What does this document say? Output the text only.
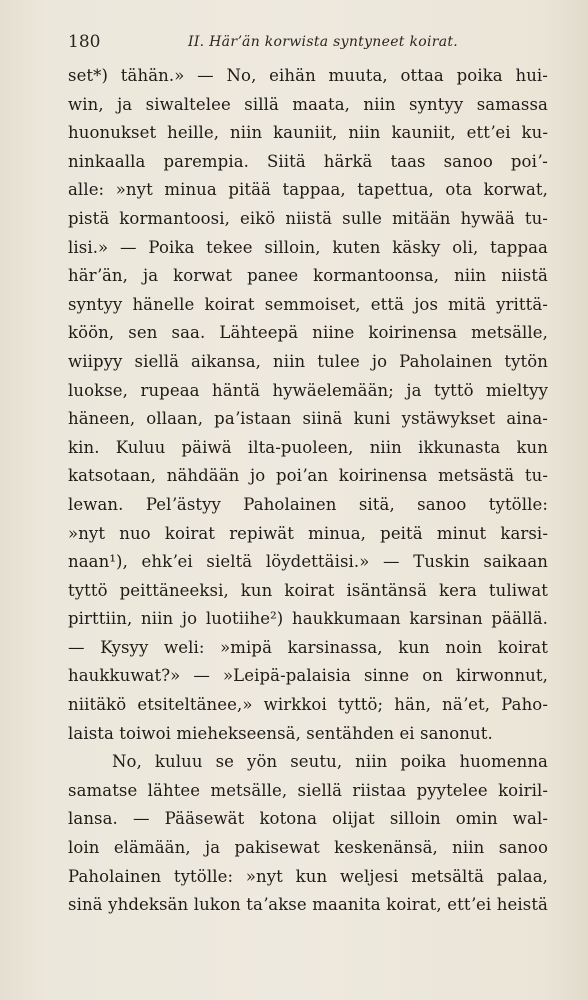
180	II. Härʼän korwista syntyneet koirat.
set*) tähän.» — No, eihän muuta, ottaa poika hui-
win, ja siwaltelee sillä maata, niin syntyy samassa
huonukset heille, niin kauniit, niin kauniit, ettʼei ku-
ninkaalla parempia. Siitä härkä taas sanoo poiʼ-
alle: »nyt minua pitää tappaa, tapettua, ota korwat,
pistä kormantoosi, eikö niistä sulle mitään hywää tu-
lisi.» — Poika tekee silloin, kuten käsky oli, tappaa
härʼän, ja korwat panee kormantoonsa, niin niistä
syntyy hänelle koirat semmoiset, että jos mitä yrittä-
köön, sen saa. Lähteepä niine koirinensa metsälle,
wiipyy siellä aikansa, niin tulee jo Paholainen tytön
luokse, rupeaa häntä hywäelemään; ja tyttö mieltyy
häneen, ollaan, paʼistaan siinä kuni ystäwykset aina-
kin. Kuluu päiwä ilta-puoleen, niin ikkunasta kun
katsotaan, nähdään jo poiʼan koirinensa metsästä tu-
lewan. Pelʼästyy Paholainen sitä, sanoo tytölle:
»nyt nuo koirat repiwät minua, peitä minut karsi-
naan¹), ehkʼei sieltä löydettäisi.» — Tuskin saikaan
tyttö peittäneeksi, kun koirat isäntänsä kera tuliwat
pirttiin, niin jo luotiihe²) haukkumaan karsinan päällä.
— Kysyy weli: »mipä karsinassa, kun noin koirat
haukkuwat?» — »Leipä-palaisia sinne on kirwonnut,
niitäkö etsiteltänee,» wirkkoi tyttö; hän, näʼet, Paho-
laista toiwoi miehekseensä, sentähden ei sanonut.
No, kuluu se yön seutu, niin poika huomenna
samatse lähtee metsälle, siellä riistaa pyytelee koiril-
lansa. — Pääsewät kotona olijat silloin omin wal-
loin elämään, ja pakisewat keskenänsä, niin sanoo
Paholainen tytölle: »nyt kun weljesi metsältä palaa,
sinä yhdeksän lukon taʼakse maanita koirat, ettʼei heistä
